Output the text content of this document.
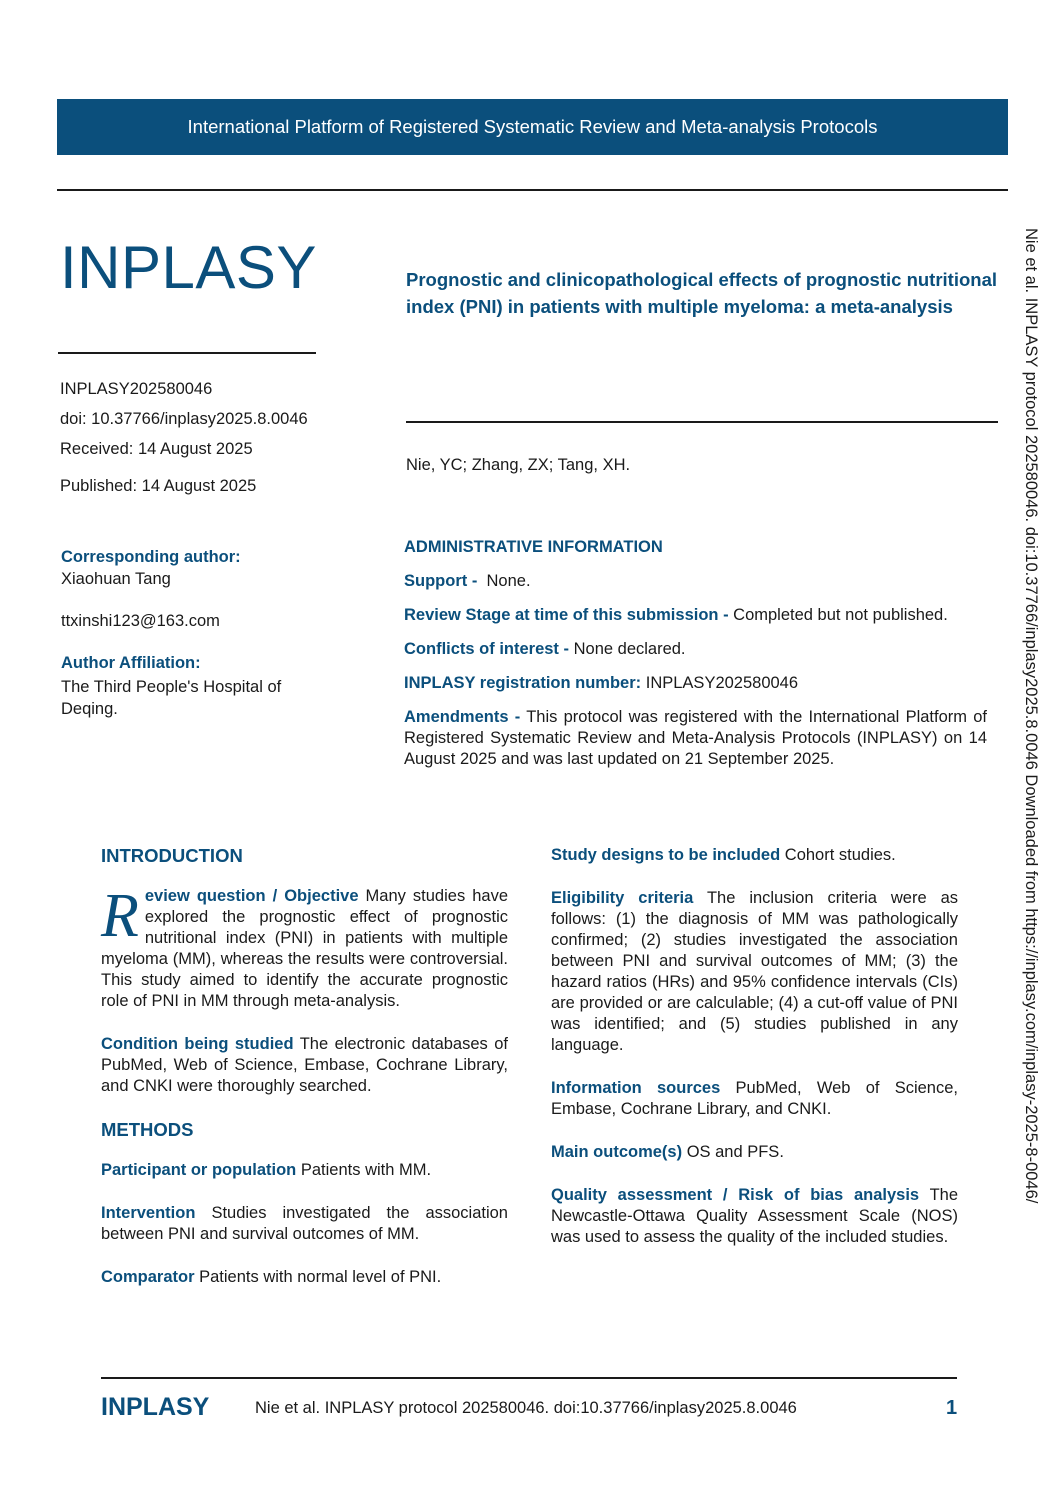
International Platform of Registered Systematic Review and Meta-analysis Protocols
INPLASY	Prognostic and clinicopathological effects of prognostic nutritional index (PNI) in patients with multiple myeloma: a meta-analysis
INPLASY202580046
doi: 10.37766/inplasy2025.8.0046
Received: 14 August 2025
Published: 14 August 2025
Nie, YC; Zhang, ZX; Tang, XH.
Corresponding author:
Xiaohuan Tang
ttxinshi123@163.com
Author Affiliation:
The Third People's Hospital of Deqing.
ADMINISTRATIVE INFORMATION

Support - None.

Review Stage at time of this submission - Completed but not published.

Conflicts of interest - None declared.

INPLASY registration number: INPLASY202580046

Amendments - This protocol was registered with the International Platform of Registered Systematic Review and Meta-Analysis Protocols (INPLASY) on 14 August 2025 and was last updated on 21 September 2025.

INTRODUCTION

Review question / Objective Many studies have explored the prognostic effect of prognostic nutritional index (PNI) in patients with multiple myeloma (MM), whereas the results were controversial. This study aimed to identify the accurate prognostic role of PNI in MM through meta-analysis.

Condition being studied The electronic databases of PubMed, Web of Science, Embase, Cochrane Library, and CNKI were thoroughly searched.

METHODS

Participant or population Patients with MM.

Intervention Studies investigated the association between PNI and survival outcomes of MM.

Comparator Patients with normal level of PNI.

Study designs to be included Cohort studies.

Eligibility criteria The inclusion criteria were as follows: (1) the diagnosis of MM was pathologically confirmed; (2) studies investigated the association between PNI and survival outcomes of MM; (3) the hazard ratios (HRs) and 95% confidence intervals (CIs) are provided or are calculable; (4) a cut-off value of PNI was identified; and (5) studies published in any language.

Information sources PubMed, Web of Science, Embase, Cochrane Library, and CNKI.

Main outcome(s) OS and PFS.

Quality assessment / Risk of bias analysis The Newcastle-Ottawa Quality Assessment Scale (NOS) was used to assess the quality of the included studies.

INPLASY	Nie et al. INPLASY protocol 202580046. doi:10.37766/inplasy2025.8.0046	1
Nie et al. INPLASY protocol 202580046. doi:10.37766/inplasy2025.8.0046 Downloaded from https://inplasy.com/inplasy-2025-8-0046/
